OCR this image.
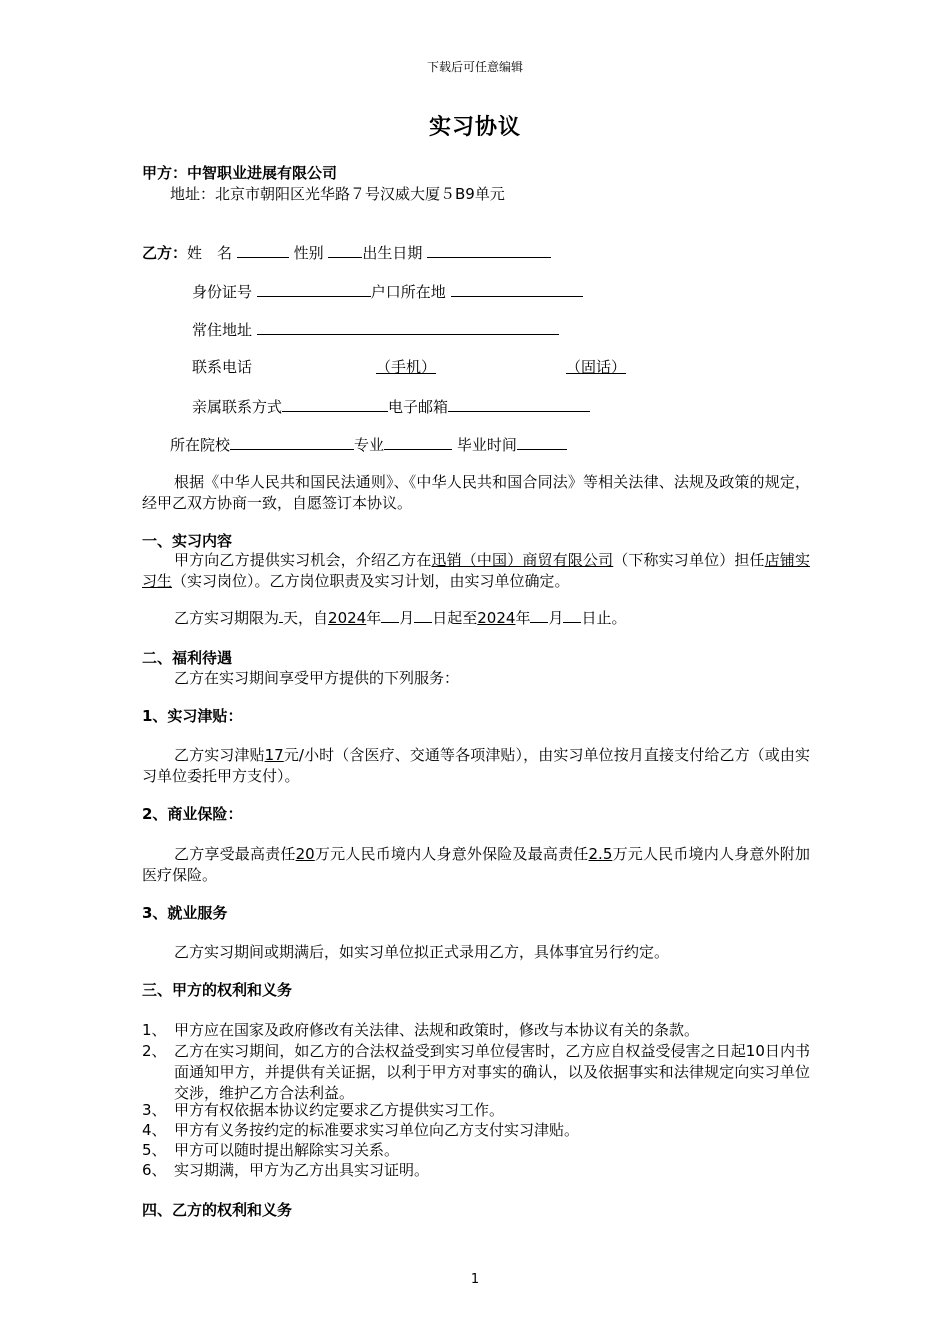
下载后可任意编辑
实习协议
甲方：中智职业进展有限公司
地址：北京市朝阳区光华路７号汉威大厦５B9单元
乙方：姓　名	性别	出生日期
身份证号	户口所在地
常住地址
联系电话	（手机）	（固话）
亲属联系方式	电子邮箱
所在院校	专业	毕业时间
根据《中华人民共和国民法通则》、《中华人民共和国合同法》等相关法律、法规及政策的规定，经甲乙双方协商一致，自愿签订本协议。
一、实习内容
甲方向乙方提供实习机会，介绍乙方在迅销（中国）商贸有限公司（下称实习单位）担任店铺实习生（实习岗位）。乙方岗位职责及实习计划，由实习单位确定。
乙方实习期限为 天，自2024年 月 日起至2024年 月 日止。
二、福利待遇
乙方在实习期间享受甲方提供的下列服务：
1、实习津贴：
乙方实习津贴17元/小时（含医疗、交通等各项津贴），由实习单位按月直接支付给乙方（或由实习单位委托甲方支付）。
2、商业保险：
乙方享受最高责任20万元人民币境内人身意外保险及最高责任2.5万元人民币境内人身意外附加医疗保险。
3、就业服务
乙方实习期间或期满后，如实习单位拟正式录用乙方，具体事宜另行约定。
三、甲方的权利和义务
1、 甲方应在国家及政府修改有关法律、法规和政策时，修改与本协议有关的条款。
2、 乙方在实习期间，如乙方的合法权益受到实习单位侵害时，乙方应自权益受侵害之日起10日内书面通知甲方，并提供有关证据，以利于甲方对事实的确认，以及依据事实和法律规定向实习单位交涉，维护乙方合法利益。
3、 甲方有权依据本协议约定要求乙方提供实习工作。
4、 甲方有义务按约定的标准要求实习单位向乙方支付实习津贴。
5、 甲方可以随时提出解除实习关系。
6、 实习期满，甲方为乙方出具实习证明。
四、乙方的权利和义务
1
